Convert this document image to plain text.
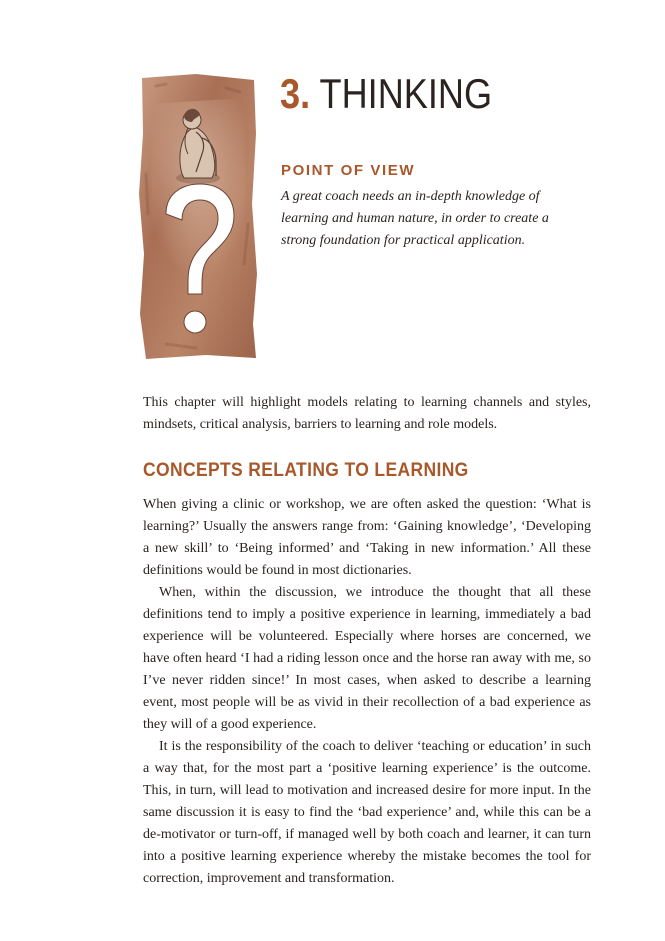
3. THINKING
POINT OF VIEW

A great coach needs an in-depth knowledge of learning and human nature, in order to create a strong foundation for practical application.

This chapter will highlight models relating to learning channels and styles, mindsets, critical analysis, barriers to learning and role models.

CONCEPTS RELATING TO LEARNING

When giving a clinic or workshop, we are often asked the question: ‘What is learning?’ Usually the answers range from: ‘Gaining knowledge’, ‘Developing a new skill’ to ‘Being informed’ and ‘Taking in new information.’ All these definitions would be found in most dictionaries.

When, within the discussion, we introduce the thought that all these definitions tend to imply a positive experience in learning, immediately a bad experience will be volunteered. Especially where horses are concerned, we have often heard ‘I had a riding lesson once and the horse ran away with me, so I’ve never ridden since!’ In most cases, when asked to describe a learning event, most people will be as vivid in their recollection of a bad experience as they will of a good experience.

It is the responsibility of the coach to deliver ‘teaching or education’ in such a way that, for the most part a ‘positive learning experience’ is the outcome. This, in turn, will lead to motivation and increased desire for more input. In the same discussion it is easy to find the ‘bad experience’ and, while this can be a de-motivator or turn-off, if managed well by both coach and learner, it can turn into a positive learning experience whereby the mistake becomes the tool for correction, improvement and transformation.
